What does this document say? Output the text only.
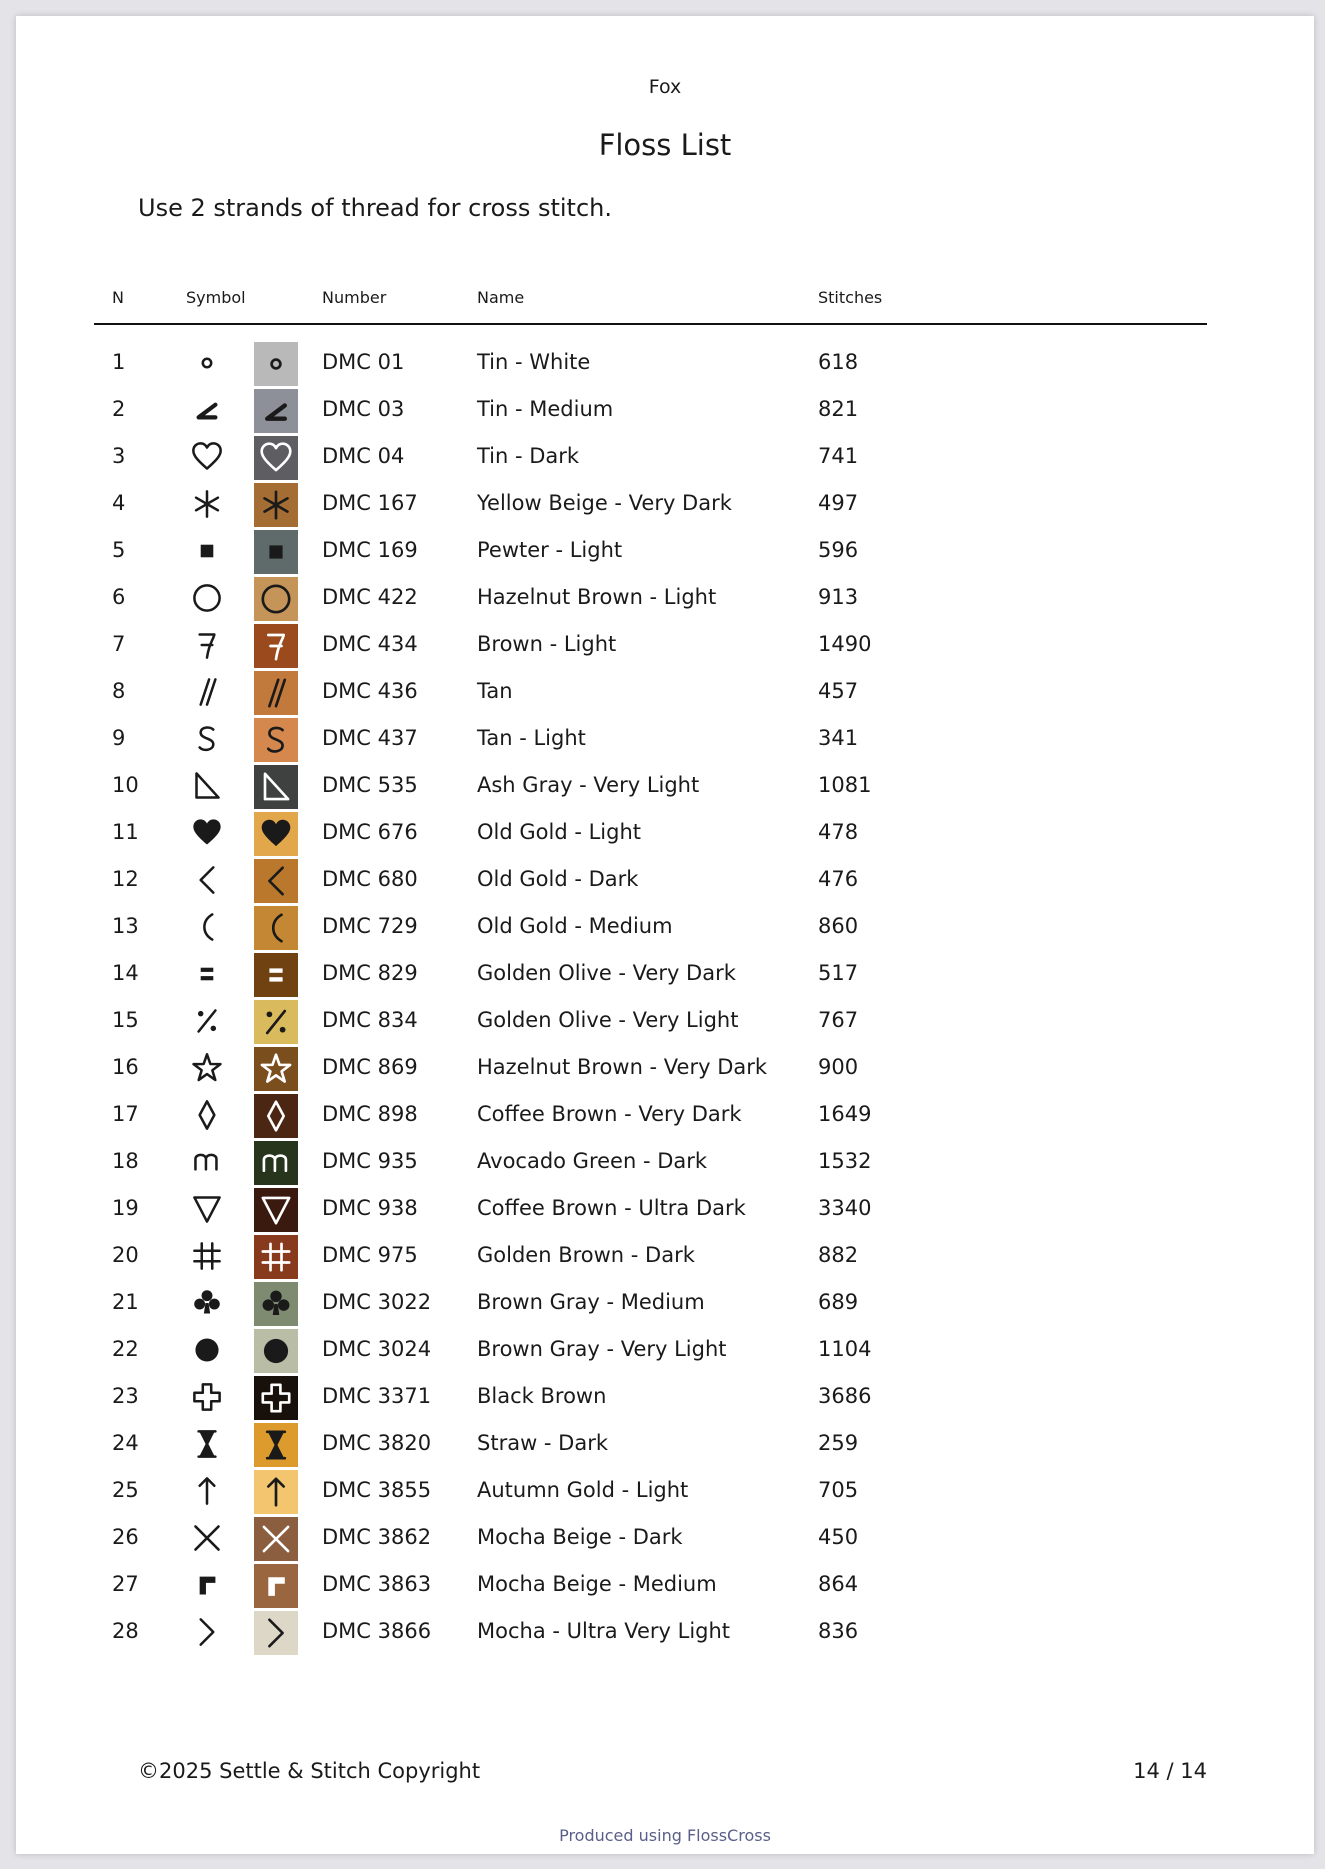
Fox
Floss List
Use 2 strands of thread for cross stitch.
N	Symbol	Number	Name	Stitches
1	DMC 01	Tin - White	618
2	DMC 03	Tin - Medium	821
3	DMC 04	Tin - Dark	741
4	DMC 167	Yellow Beige - Very Dark	497
5	DMC 169	Pewter - Light	596
6	DMC 422	Hazelnut Brown - Light	913
7	DMC 434	Brown - Light	1490
8	DMC 436	Tan	457
9	DMC 437	Tan - Light	341
10	DMC 535	Ash Gray - Very Light	1081
11	DMC 676	Old Gold - Light	478
12	DMC 680	Old Gold - Dark	476
13	DMC 729	Old Gold - Medium	860
14	DMC 829	Golden Olive - Very Dark	517
15	DMC 834	Golden Olive - Very Light	767
16	DMC 869	Hazelnut Brown - Very Dark 900
17	DMC 898	Coffee Brown - Very Dark	1649
18	DMC 935	Avocado Green - Dark	1532
19	DMC 938	Coffee Brown - Ultra Dark	3340
20	DMC 975	Golden Brown - Dark	882
21	DMC 3022 Brown Gray - Medium	689
22	DMC 3024 Brown Gray - Very Light	1104
23	DMC 3371 Black Brown	3686
24	DMC 3820 Straw - Dark	259
25	DMC 3855 Autumn Gold - Light	705
26	DMC 3862 Mocha Beige - Dark	450
27	DMC 3863 Mocha Beige - Medium	864
28	DMC 3866 Mocha - Ultra Very Light	836
©2025 Settle & Stitch Copyright	14 / 14
Produced using FlossCross
